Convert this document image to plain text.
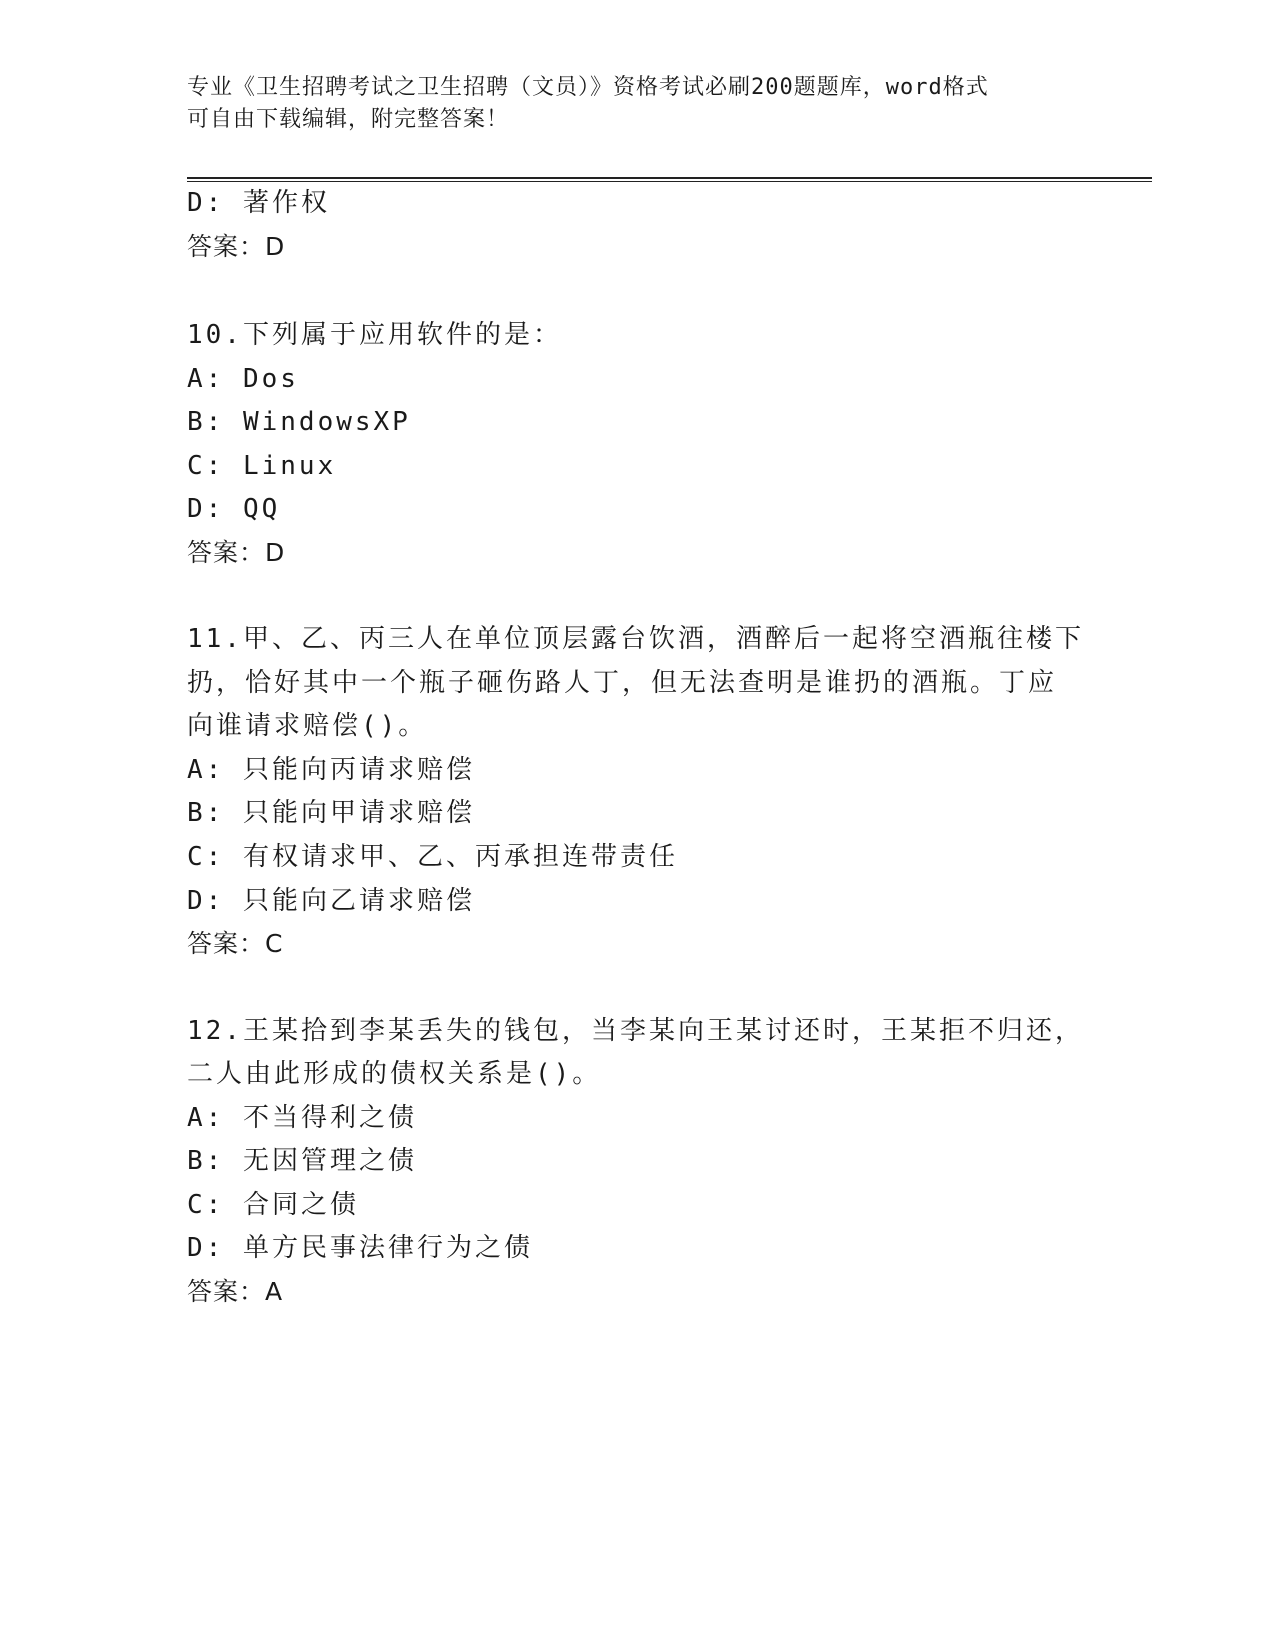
专业《卫生招聘考试之卫生招聘（文员）》资格考试必刷200题题库，word格式
可自由下载编辑，附完整答案！
D: 著作权
答案：D
10.下列属于应用软件的是：
A: Dos
B: WindowsXP
C: Linux
D: QQ
答案：D
11.甲、乙、丙三人在单位顶层露台饮酒，酒醉后一起将空酒瓶往楼下
扔，恰好其中一个瓶子砸伤路人丁，但无法查明是谁扔的酒瓶。丁应
向谁请求赔偿()。
A: 只能向丙请求赔偿
B: 只能向甲请求赔偿
C: 有权请求甲、乙、丙承担连带责任
D: 只能向乙请求赔偿
答案：C
12.王某拾到李某丢失的钱包，当李某向王某讨还时，王某拒不归还，
二人由此形成的债权关系是()。
A: 不当得利之债
B: 无因管理之债
C: 合同之债
D: 单方民事法律行为之债
答案：A
